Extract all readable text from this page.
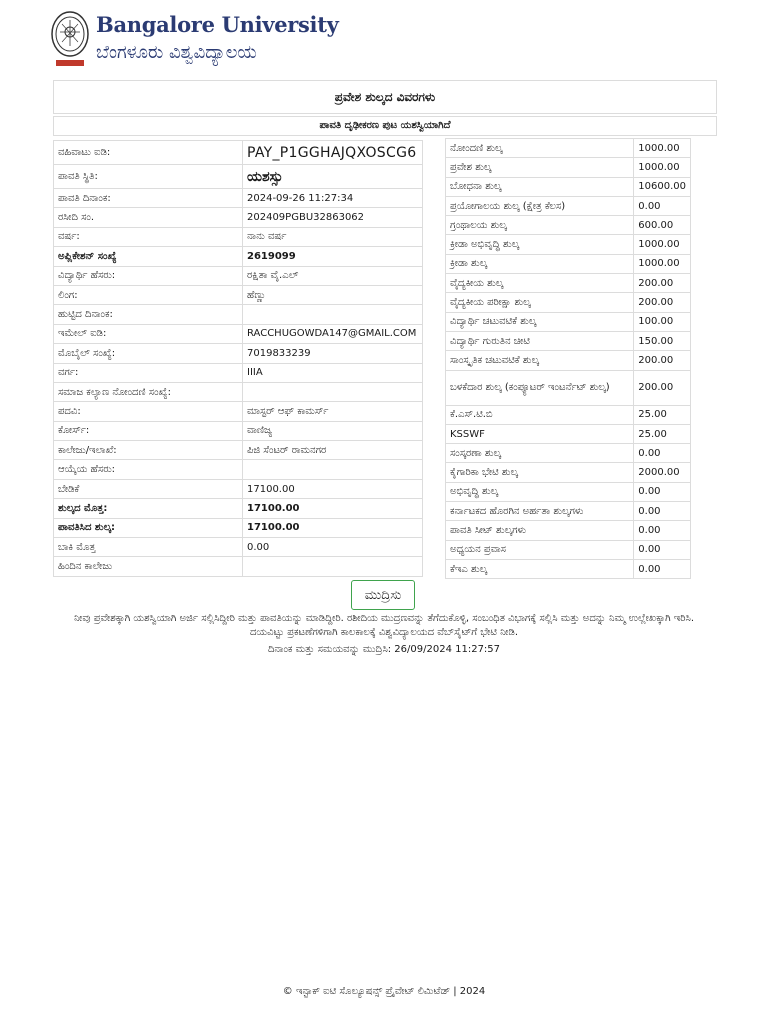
Bangalore University
ಬೆಂಗಳೂರು ವಿಶ್ವವಿದ್ಯಾಲಯ
ಪ್ರವೇಶ ಶುಲ್ಕದ ವಿವರಗಳು
ಪಾವತಿ ದೃಢೀಕರಣ ಪುಟ ಯಶಸ್ವಿಯಾಗಿದೆ
ವಹಿವಾಟು ಐಡಿ:	PAY_P1GGHAJQXOSCG6
ಪಾವತಿ ಸ್ಥಿತಿ:	ಯಶಸ್ಸು
ಪಾವತಿ ದಿನಾಂಕ:	2024-09-26 11:27:34
ರಸೀದಿ ಸಂ.	202409PGBU32863062
ವರ್ಷ:	ನಾನು ವರ್ಷ
ಅಪ್ಲಿಕೇಶನ್ ಸಂಖ್ಯೆ	2619099
ವಿದ್ಯಾರ್ಥಿ ಹೆಸರು:	ರಕ್ಷಿತಾ ವೈ.ಎಲ್
ಲಿಂಗ:	ಹೆಣ್ಣು
ಹುಟ್ಟಿದ ದಿನಾಂಕ:	
ಇಮೇಲ್ ಐಡಿ:	RACCHUGOWDA147@GMAIL.COM
ಮೊಬೈಲ್ ಸಂಖ್ಯೆ:	7019833239
ವರ್ಗ:	IIIA
ಸಮಾಜ ಕಲ್ಯಾಣ ನೋಂದಣಿ ಸಂಖ್ಯೆ:	
ಪದವಿ:	ಮಾಸ್ಟರ್ ಆಫ್ ಕಾಮರ್ಸ್
ಕೋರ್ಸ್:	ವಾಣಿಜ್ಯ
ಕಾಲೇಜು/ಇಲಾಖೆ:	ಪಿಜಿ ಸೆಂಟರ್ ರಾಮನಗರ
ಆಯ್ಕೆಯ ಹೆಸರು:	
ಬೇಡಿಕೆ	17100.00
ಶುಲ್ಕದ ಮೊತ್ತ:	17100.00
ಪಾವತಿಸಿದ ಶುಲ್ಕ:	17100.00
ಬಾಕಿ ಮೊತ್ತ	0.00
ಹಿಂದಿನ ಕಾಲೇಜು	
ನೋಂದಣಿ ಶುಲ್ಕ	1000.00
ಪ್ರವೇಶ ಶುಲ್ಕ	1000.00
ಬೋಧನಾ ಶುಲ್ಕ	10600.00
ಪ್ರಯೋಗಾಲಯ ಶುಲ್ಕ (ಕ್ಷೇತ್ರ ಕೆಲಸ)	0.00
ಗ್ರಂಥಾಲಯ ಶುಲ್ಕ	600.00
ಕ್ರೀಡಾ ಅಭಿವೃದ್ಧಿ ಶುಲ್ಕ	1000.00
ಕ್ರೀಡಾ ಶುಲ್ಕ	1000.00
ವೈದ್ಯಕೀಯ ಶುಲ್ಕ	200.00
ವೈದ್ಯಕೀಯ ಪರೀಕ್ಷಾ ಶುಲ್ಕ	200.00
ವಿದ್ಯಾರ್ಥಿ ಚಟುವಟಿಕೆ ಶುಲ್ಕ	100.00
ವಿದ್ಯಾರ್ಥಿ ಗುರುತಿನ ಚೀಟಿ	150.00
ಸಾಂಸ್ಕೃತಿಕ ಚಟುವಟಿಕೆ ಶುಲ್ಕ	200.00
ಬಳಕೆದಾರ ಶುಲ್ಕ (ಕಂಪ್ಯೂಟರ್ ಇಂಟರ್ನೆಟ್ ಶುಲ್ಕ)	200.00
ಕೆ.ಎಸ್.ಟಿ.ಬಿ	25.00
KSSWF	25.00
ಸಂಸ್ಕರಣಾ ಶುಲ್ಕ	0.00
ಕೈಗಾರಿಕಾ ಭೇಟಿ ಶುಲ್ಕ	2000.00
ಅಭಿವೃದ್ಧಿ ಶುಲ್ಕ	0.00
ಕರ್ನಾಟಕದ ಹೊರಗಿನ ಅರ್ಹತಾ ಶುಲ್ಕಗಳು	0.00
ಪಾವತಿ ಸೀಟ್ ಶುಲ್ಕಗಳು	0.00
ಅಧ್ಯಯನ ಪ್ರವಾಸ	0.00
ಕೆಇಎ ಶುಲ್ಕ	0.00
ಮುದ್ರಿಸು
ನೀವು ಪ್ರವೇಶಕ್ಕಾಗಿ ಯಶಸ್ವಿಯಾಗಿ ಅರ್ಜಿ ಸಲ್ಲಿಸಿದ್ದೀರಿ ಮತ್ತು ಪಾವತಿಯನ್ನು ಮಾಡಿದ್ದೀರಿ. ರಶೀದಿಯ ಮುದ್ರಣವನ್ನು ತೆಗೆದುಕೊಳ್ಳಿ, ಸಂಬಂಧಿತ ವಿಭಾಗಕ್ಕೆ ಸಲ್ಲಿಸಿ ಮತ್ತು ಅದನ್ನು ನಿಮ್ಮ ಉಲ್ಲೇಖಕ್ಕಾಗಿ ಇರಿಸಿ. ದಯವಿಟ್ಟು ಪ್ರಕಟಣೆಗಳಿಗಾಗಿ ಕಾಲಕಾಲಕ್ಕೆ ವಿಶ್ವವಿದ್ಯಾಲಯದ ವೆಬ್‌ಸೈಟ್‌ಗೆ ಭೇಟಿ ನೀಡಿ.
ದಿನಾಂಕ ಮತ್ತು ಸಮಯವನ್ನು ಮುದ್ರಿಸಿ: 26/09/2024 11:27:57
© ಇನ್ಟಾಕ್ ಐಟಿ ಸೊಲ್ಯೂಷನ್ಸ್ ಪ್ರೈವೇಟ್ ಲಿಮಿಟೆಡ್ | 2024
